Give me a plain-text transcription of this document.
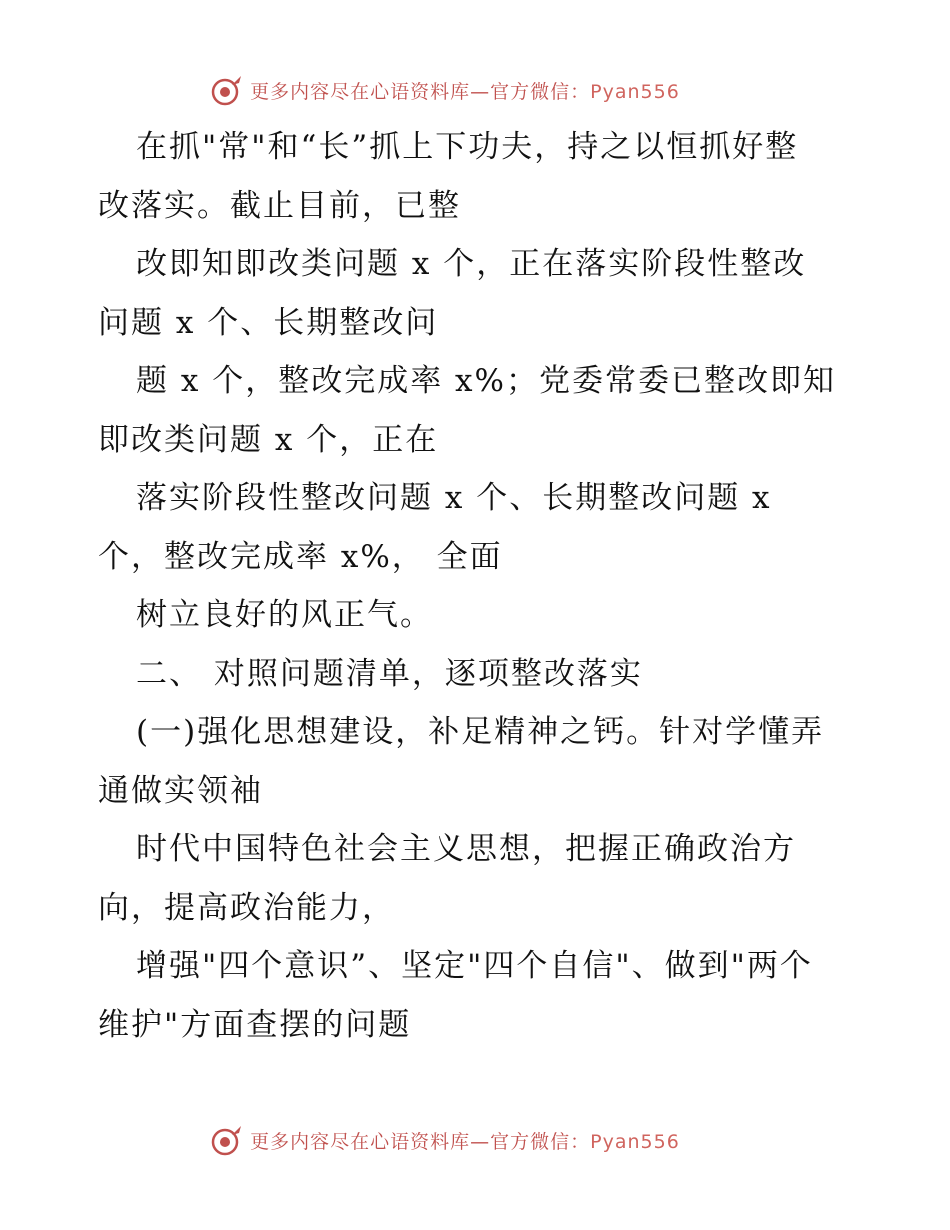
更多内容尽在心语资料库—官方微信：Pyan556
在抓"常"和“长”抓上下功夫，持之以恒抓好整
改落实。截止目前，已整
改即知即改类问题 x 个，正在落实阶段性整改
问题 x 个、长期整改问
题 x 个，整改完成率 x%；党委常委已整改即知
即改类问题 x 个，正在
落实阶段性整改问题 x 个、长期整改问题 x
个，整改完成率 x%， 全面
树立良好的风正气。
二、 对照问题清单，逐项整改落实
(一)强化思想建设，补足精神之钙。针对学懂弄
通做实领袖
时代中国特色社会主义思想，把握正确政治方
向，提高政治能力，
增强"四个意识”、坚定"四个自信"、做到"两个
维护"方面查摆的问题
更多内容尽在心语资料库—官方微信：Pyan556
